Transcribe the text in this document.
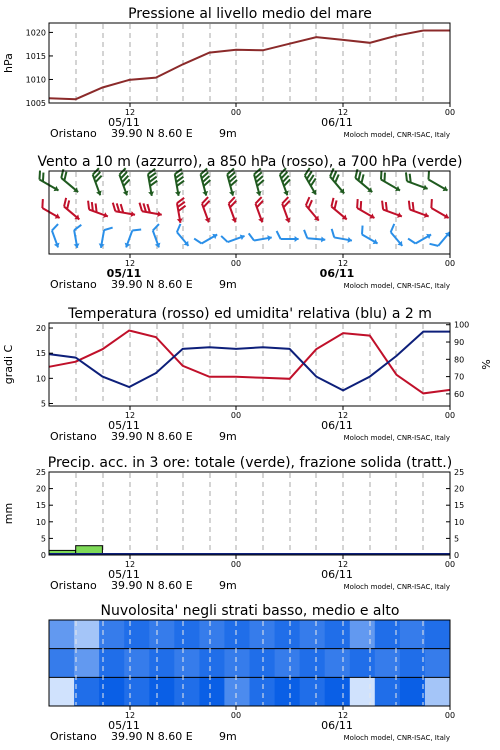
Pressione al livello medio del mare
1005
1010
1015
1020
hPa
12	00	12	00
05/11	06/11
Oristano 39.90 N 8.60 E 9m	Moloch model, CNR-ISAC, Italy
Vento a 10 m (azzurro), a 850 hPa (rosso), a 700 hPa (verde)
12	00	12	00
05/11	06/11
Oristano 39.90 N 8.60 E 9m	Moloch model, CNR-ISAC, Italy
Temperatura (rosso) ed umidita' relativa (blu) a 2 m
5
10
15
20
60
70
80
90
100
gradi C	%
12	00	12	00
05/11	06/11
Oristano 39.90 N 8.60 E 9m	Moloch model, CNR-ISAC, Italy
Precip. acc. in 3 ore: totale (verde), frazione solida (tratt.)
0
5
10
15
20
25
0
5
10
15
20
25
mm
12	00	12	00
05/11	06/11
Oristano 39.90 N 8.60 E 9m	Moloch model, CNR-ISAC, Italy
Nuvolosita' negli strati basso, medio e alto
12	00	12	00
05/11	06/11
Oristano 39.90 N 8.60 E 9m	Moloch model, CNR-ISAC, Italy
